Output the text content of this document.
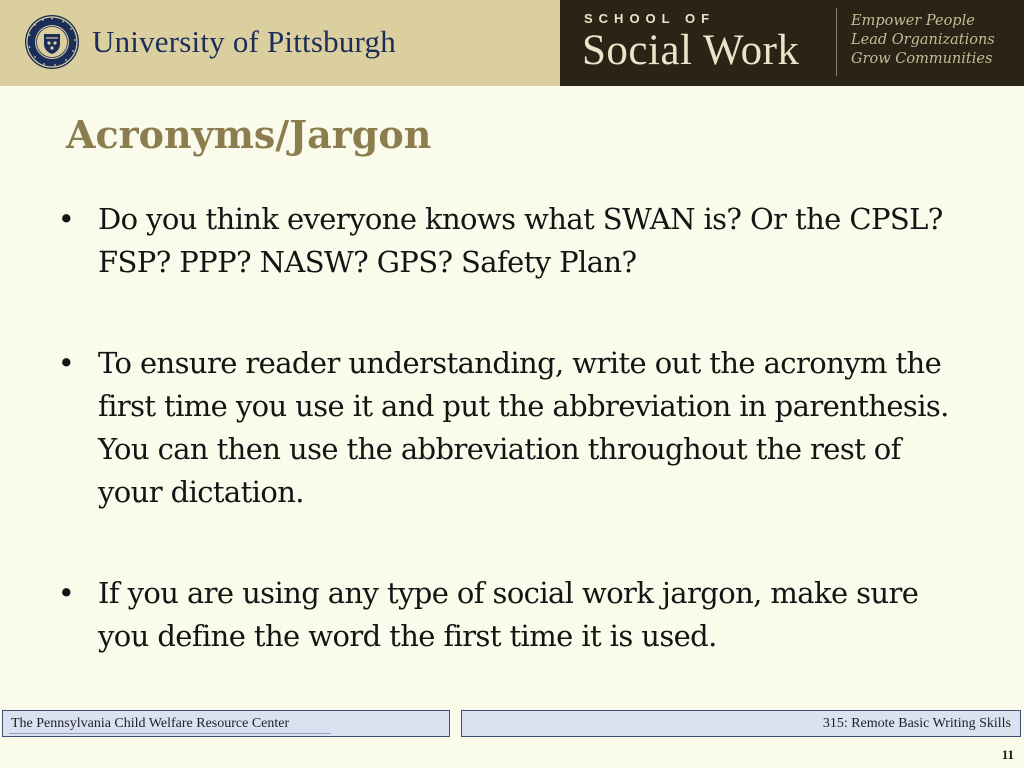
University of Pittsburgh
SCHOOL OF
Social Work
Empower People
Lead Organizations
Grow Communities
Acronyms/Jargon
• Do you think everyone knows what SWAN is? Or the CPSL? FSP? PPP? NASW? GPS? Safety Plan?
• To ensure reader understanding, write out the acronym the first time you use it and put the abbreviation in parenthesis. You can then use the abbreviation throughout the rest of your dictation.
• If you are using any type of social work jargon, make sure you define the word the first time it is used.
The Pennsylvania Child Welfare Resource Center	315: Remote Basic Writing Skills
11
